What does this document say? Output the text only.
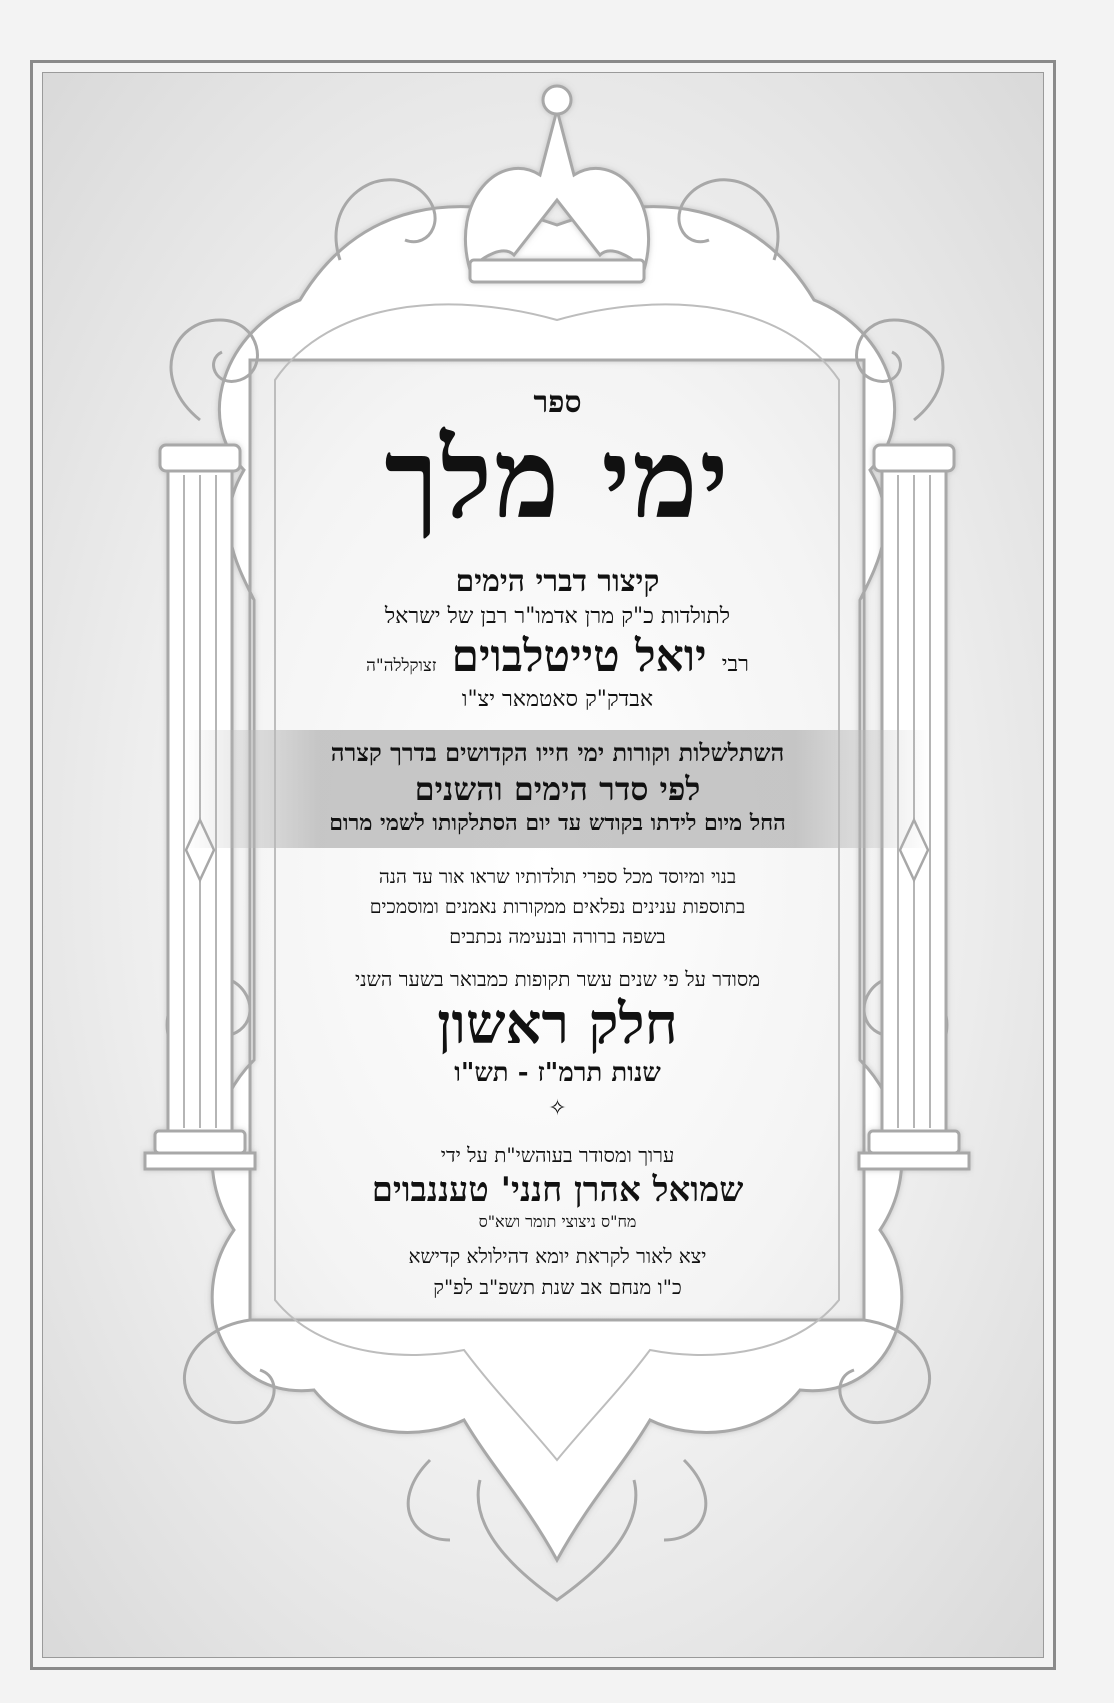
ספר
ימי מלך
קיצור דברי הימים
לתולדות כ"ק מרן אדמו"ר רבן של ישראל
רבי יואל טייטלבוים זצוקללה"ה
אבדק"ק סאטמאר יצ"ו
השתלשלות וקורות ימי חייו הקדושים בדרך קצרה
לפי סדר הימים והשנים
החל מיום לידתו בקודש עד יום הסתלקותו לשמי מרום
בנוי ומיוסד מכל ספרי תולדותיו שראו אור עד הנה
בתוספות ענינים נפלאים ממקורות נאמנים ומוסמכים
בשפה ברורה ובנעימה נכתבים
מסודר על פי שנים עשר תקופות כמבואר בשער השני
חלק ראשון
שנות תרמ"ז - תש"ו
✧
ערוך ומסודר בעוהשי"ת על ידי
שמואל אהרן חנני' טעננבוים
מח"ס ניצוצי תומר ושא"ס
יצא לאור לקראת יומא דהילולא קדישא
כ"ו מנחם אב שנת תשפ"ב לפ"ק
